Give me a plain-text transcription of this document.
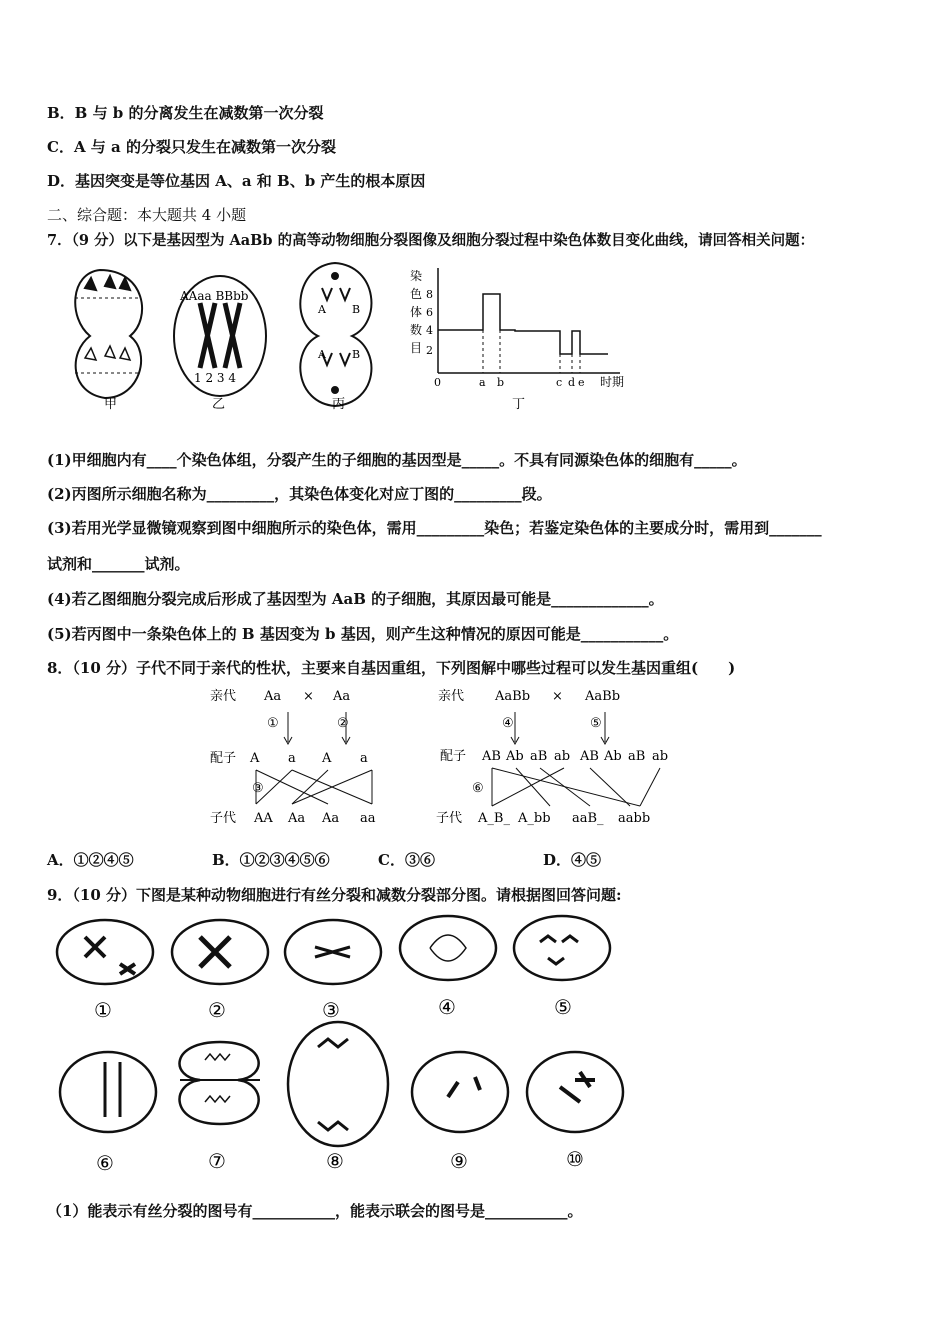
B．B 与 b 的分离发生在减数第一次分裂
C．A 与 a 的分裂只发生在减数第一次分裂
D．基因突变是等位基因 A、a 和 B、b 产生的根本原因
二、综合题：本大题共 4 小题
7．（9 分）以下是基因型为 AaBb 的高等动物细胞分裂图像及细胞分裂过程中染色体数目变化曲线，请回答相关问题：
AAaa BBbb
1 2 3 4
A B
A B
染
色
体
数
目
8
6
4
2
0	a b	c d e 时期
甲	乙	丙	丁
(1)甲细胞内有____个染色体组，分裂产生的子细胞的基因型是_____。不具有同源染色体的细胞有_____。
(2)丙图所示细胞名称为_________，其染色体变化对应丁图的_________段。
(3)若用光学显微镜观察到图中细胞所示的染色体，需用_________染色；若鉴定染色体的主要成分时，需用到_______
试剂和_______试剂。
(4)若乙图细胞分裂完成后形成了基因型为 AaB 的子细胞，其原因最可能是_____________。
(5)若丙图中一条染色体上的 B 基因变为 b 基因，则产生这种情况的原因可能是___________。
8．（10 分）子代不同于亲代的性状，主要来自基因重组，下列图解中哪些过程可以发生基因重组(　　)
亲代 Aa × Aa
①	②
配子 A a A a
③
子代 AA Aa Aa aa
亲代 AaBb × AaBb
④	⑤
配子 AB Ab aB ab AB Ab aB ab
⑥
子代 A_B_ A_bb aaB_ aabb
A．①②④⑤	B．①②③④⑤⑥	C．③⑥	D．④⑤
9．（10 分）下图是某种动物细胞进行有丝分裂和减数分裂部分图。请根据图回答问题:
①	②	③	④	⑤
⑥	⑦	⑧	⑨	⑩
（1）能表示有丝分裂的图号有___________，能表示联会的图号是___________。
